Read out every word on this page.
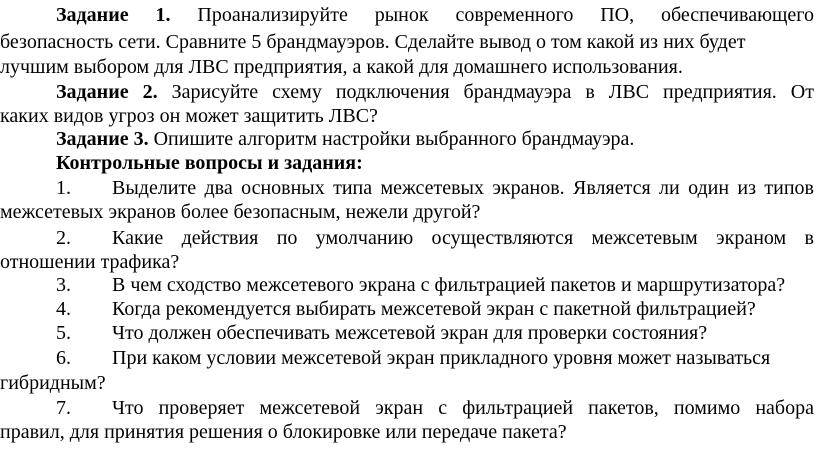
Задание 1. Проанализируйте рынок современного ПО, обеспечивающего
безопасность сети. Сравните 5 брандмауэров. Сделайте вывод о том какой из них будет
лучшим выбором для ЛВС предприятия, а какой для домашнего использования.
Задание 2. Зарисуйте схему подключения брандмауэра в ЛВС предприятия. От
каких видов угроз он может защитить ЛВС?
Задание 3. Опишите алгоритм настройки выбранного брандмауэра.
Контрольные вопросы и задания:
1. Выделите два основных типа межсетевых экранов. Является ли один из типов
межсетевых экранов более безопасным, нежели другой?
2. Какие действия по умолчанию осуществляются межсетевым экраном в
отношении трафика?
3. В чем сходство межсетевого экрана с фильтрацией пакетов и маршрутизатора?
4. Когда рекомендуется выбирать межсетевой экран с пакетной фильтрацией?
5. Что должен обеспечивать межсетевой экран для проверки состояния?
6. При каком условии межсетевой экран прикладного уровня может называться
гибридным?
7. Что проверяет межсетевой экран с фильтрацией пакетов, помимо набора
правил, для принятия решения о блокировке или передаче пакета?
